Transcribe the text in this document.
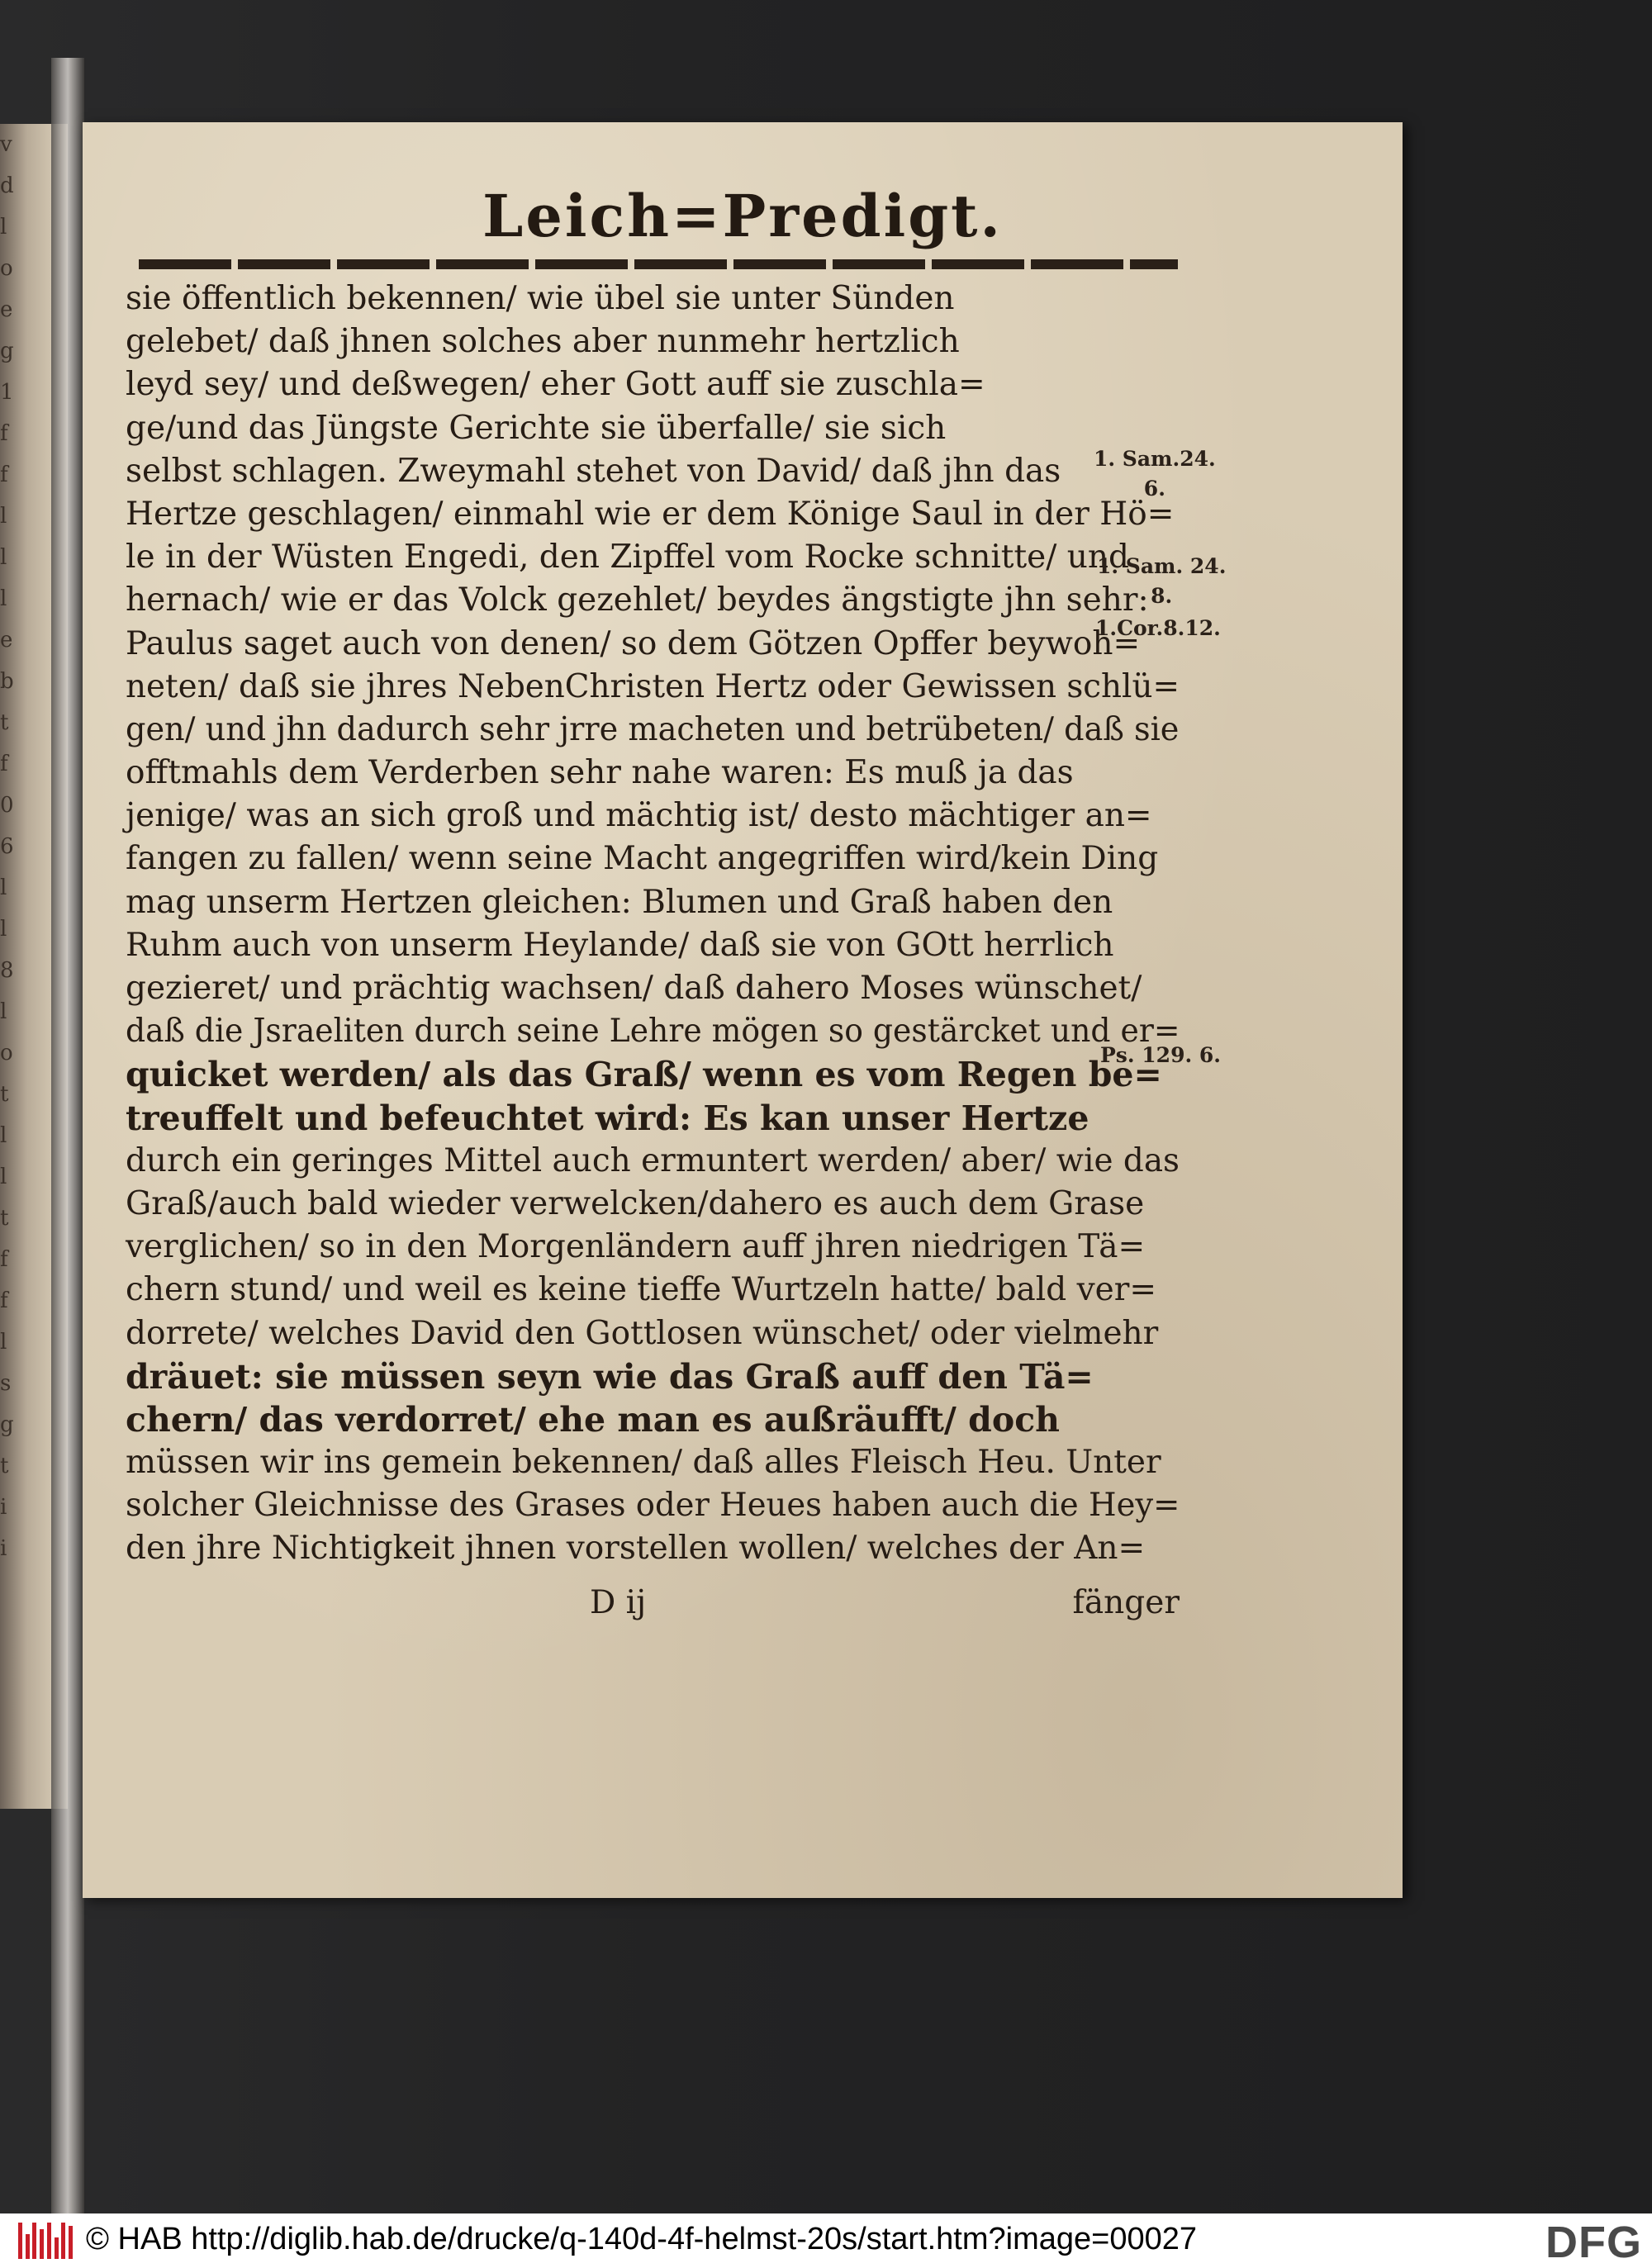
v
d
l
o
e
g
1
f
f
l
l
l
e
b
t
f
0
6
l
l
8
l
o
t
l
l
t
f
f
l
s
g
t
i
i
Leich=Predigt.
sie öffentlich bekennen/ wie übel sie unter Sünden
gelebet/ daß jhnen solches aber nunmehr hertzlich
leyd sey/ und deßwegen/ eher Gott auff sie zuschla=
ge/und das Jüngste Gerichte sie überfalle/ sie sich
selbst schlagen. Zweymahl stehet von David/ daß jhn das
Hertze geschlagen/ einmahl wie er dem Könige Saul in der Hö=
le in der Wüsten Engedi, den Zipffel vom Rocke schnitte/ und
hernach/ wie er das Volck gezehlet/ beydes ängstigte jhn sehr:
Paulus saget auch von denen/ so dem Götzen Opffer beywoh=
neten/ daß sie jhres NebenChristen Hertz oder Gewissen schlü=
gen/ und jhn dadurch sehr jrre macheten und betrübeten/ daß sie
offtmahls dem Verderben sehr nahe waren: Es muß ja das
jenige/ was an sich groß und mächtig ist/ desto mächtiger an=
fangen zu fallen/ wenn seine Macht angegriffen wird/kein Ding
mag unserm Hertzen gleichen: Blumen und Graß haben den
Ruhm auch von unserm Heylande/ daß sie von GOtt herrlich
gezieret/ und prächtig wachsen/ daß dahero Moses wünschet/
daß die Jsraeliten durch seine Lehre mögen so gestärcket und er=
quicket werden/ als das Graß/ wenn es vom Regen be=
treuffelt und befeuchtet wird: Es kan unser Hertze
durch ein geringes Mittel auch ermuntert werden/ aber/ wie das
Graß/auch bald wieder verwelcken/dahero es auch dem Grase
verglichen/ so in den Morgenländern auff jhren niedrigen Tä=
chern stund/ und weil es keine tieffe Wurtzeln hatte/ bald ver=
dorrete/ welches David den Gottlosen wünschet/ oder vielmehr
dräuet: sie müssen seyn wie das Graß auff den Tä=
chern/ das verdorret/ ehe man es außräufft/ doch
müssen wir ins gemein bekennen/ daß alles Fleisch Heu. Unter
solcher Gleichnisse des Grases oder Heues haben auch die Hey=
den jhre Nichtigkeit jhnen vorstellen wollen/ welches der An=
D ij	fänger
1. Sam.24.
6.
1. Sam. 24.
8.
1.Cor.8.12.
Ps. 129. 6.
© HAB http://diglib.hab.de/drucke/q-140d-4f-helmst-20s/start.htm?image=00027	DFG
